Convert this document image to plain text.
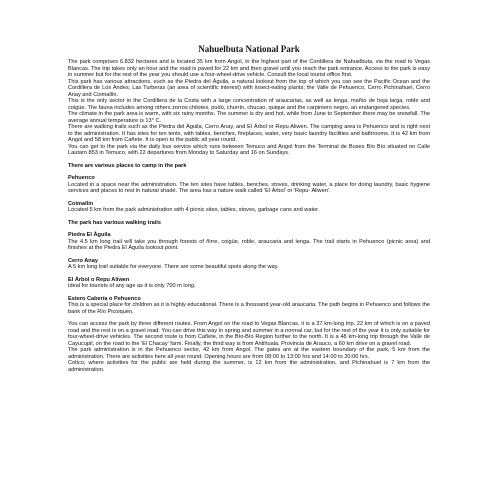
Nahuelbuta National Park

The park comprises 6.832 hectares and is located 35 km from Angol, in the highest part of the Cordillera de Nahuelbuta, via the road to Vegas Blancas. The trip takes only an hour and the road is paved for 22 km and then gravel until you reach the park entrance. Access to the park is easy in summer but for the rest of the year you should use a four-wheel-drive vehicle. Consult the local tourist office first.

This park has various attractions, such as the Piedra del Águila, a natural lookout from the top of which you can see the Pacific Ocean and the Cordillera de Los Andes; Las Turberas (an area of scientific interest) with insect-eating plants; the Valle de Pehuenco, Cerro Pichinahuel, Cerro Anay and Coimallín.

This is the only sector in the Cordillera de la Costa with a large concentration of araucarias, as well as lenga, mañío de hoja larga, roble and coigüe. The fauna includes among others zorros chilotes, pudú, churrín, chucao, quique and the carpintero negro, an endangered species.

The climate in the park area is warm, with six rainy months. The summer is dry and hot, while from June to September there may be snowfall. The average annual temperature is 13° C.

There are walking trails such as the Piedra del Águila, Cerro Anay, and El Árbol or Repu Aliwen. The camping area is Pehuenco and is right next to the administration. It has sites for ten tents, with tables, benches, fireplaces, water, very basic laundry facilities and bathrooms. It is 42 km from Angol and 58 km from Cañete. It is open to the public all year round.

You can get to the park via the daily bus service which runs between Temuco and Angol from the Terminal de Buses Bío Bío situated on Calle Lautaro 853 in Temuco, with 22 departures from Monday to Saturday and 16 on Sundays.

There are various places to camp in the park

Pehuenco

Located in a space near the administration. The ten sites have tables, benches, stoves, drinking water, a place for doing laundry, basic hygiene services and places to rest in natural shade. The area has a nature walk called 'El Árbol' or 'Repu- Aliwen'.

Coimallín

Located 5 km from the park administration with 4 picnic sites, tables, stoves, garbage cans and water.

The park has various walking trails

Piedra El Águila

The 4.5 km long trail will take you through forests of ñirre, coigüe, roble, araucaria and lenga. The trail starts in Pehuenco (picnic area) and finishes at the Piedra El Águila lookout point.

Cerro Anay

A 5 km long trail suitable for everyone. There are some beautiful spots along the way.

El Árbol o Repu Aliwen

Ideal for tourists of any age as it is only 700 m long.

Estero Cabería o Pehuenco

This is a special place for children as it is highly educational. There is a thousand year-old araucaria. The path begins in Pehuenco and follows the bank of the Río Picoiquén.

You can access the park by three different routes. From Angol on the road to Vegas Blancas, it is a 37 km-long trip, 22 km of which is on a paved road and the rest is on a gravel road. You can drive this way in spring and summer in a normal car, but for the rest of the year it is only suitable for four-wheel-drive vehicles. The second route is from Cañete, in the Bío-Bío Region further to the north. It is a 48 km-long trip through the Valle de Cayucupil, on the road to the 'El Chacay' farm. Finally, the third way is from Antihuala, Provincia de Arauco, a 60 km drive on a gravel road.

The park administration is in the Pehuenco sector, 42 km from Angol. The gates are at the eastern boundary of the park, 5 km from the administration. There are activities here all year round. Opening hours are from 08:00 to 13:00 hrs and 14:00 to 20:00 hrs.

Cotico, where activities for the public are held during the summer, is 12 km from the administration, and Pichinahuel is 7 km from the administration.
